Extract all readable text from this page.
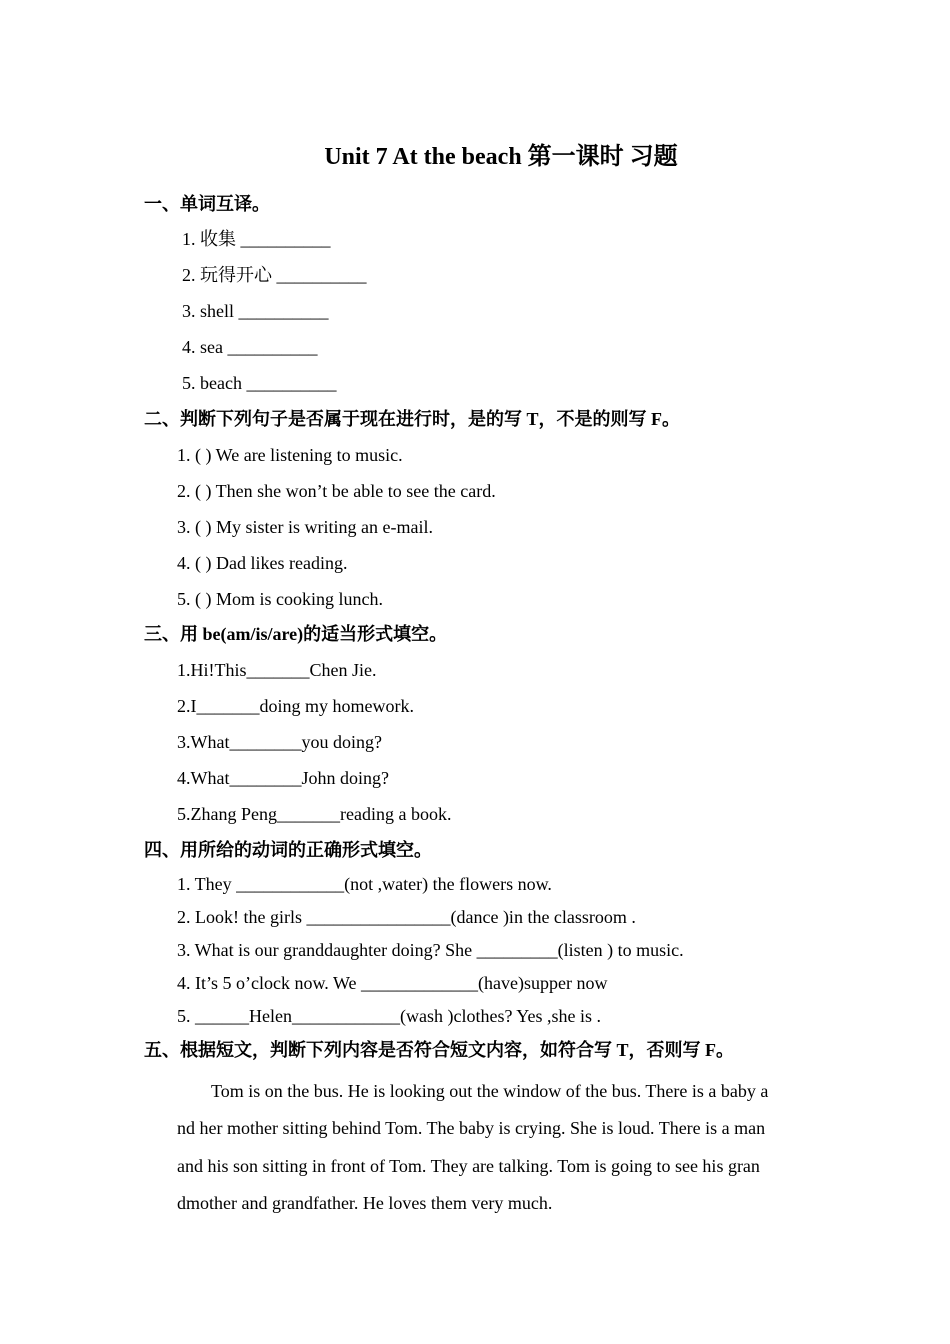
Unit 7 At the beach 第一课时 习题
一、单词互译。
1. 收集 __________
2. 玩得开心 __________
3. shell __________
4. sea __________
5. beach __________
二、判断下列句子是否属于现在进行时，是的写 T，不是的则写 F。
1. ( ) We are listening to music.
2. ( ) Then she won’t be able to see the card.
3. ( ) My sister is writing an e-mail.
4. ( ) Dad likes reading.
5. ( ) Mom is cooking lunch.
三、用 be(am/is/are)的适当形式填空。
1.Hi!This_______Chen Jie.
2.I_______doing my homework.
3.What________you doing?
4.What________John doing?
5.Zhang Peng_______reading a book.
四、用所给的动词的正确形式填空。
1. They ____________(not ,water) the flowers now.
2. Look! the girls ________________(dance )in the classroom .
3. What is our granddaughter doing? She _________(listen ) to music.
4. It’s 5 o’clock now. We _____________(have)supper now
5. ______Helen____________(wash )clothes? Yes ,she is .
五、根据短文，判断下列内容是否符合短文内容，如符合写 T，否则写 F。
Tom is on the bus. He is looking out the window of the bus. There is a baby a
nd her mother sitting behind Tom. The baby is crying. She is loud. There is a man
and his son sitting in front of Tom. They are talking. Tom is going to see his gran
dmother and grandfather. He loves them very much.
